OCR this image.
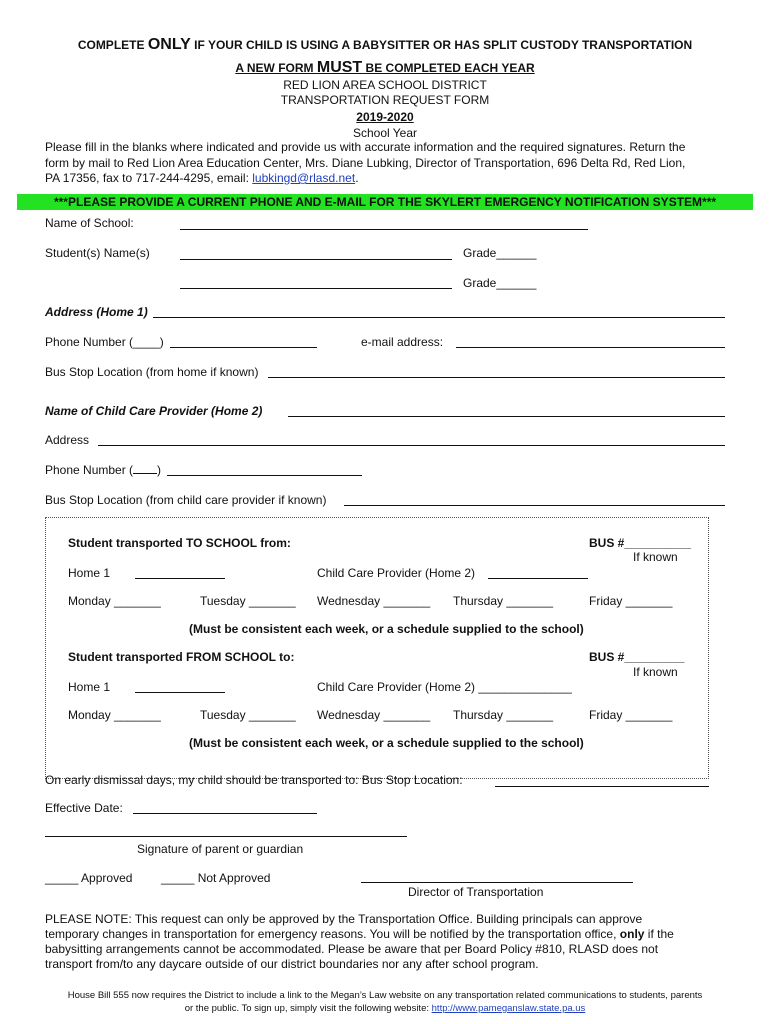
COMPLETE ONLY IF YOUR CHILD IS USING A BABYSITTER OR HAS SPLIT CUSTODY TRANSPORTATION
A NEW FORM MUST BE COMPLETED EACH YEAR
RED LION AREA SCHOOL DISTRICT
TRANSPORTATION REQUEST FORM
2019-2020
School Year
Please fill in the blanks where indicated and provide us with accurate information and the required signatures. Return the
form by mail to Red Lion Area Education Center, Mrs. Diane Lubking, Director of Transportation, 696 Delta Rd, Red Lion,
PA 17356, fax to 717-244-4295, email: lubkingd@rlasd.net.
***PLEASE PROVIDE A CURRENT PHONE AND E-MAIL FOR THE SKYLERT EMERGENCY NOTIFICATION SYSTEM***
Name of School:
Student(s) Name(s)	Grade______
Grade______
Address (Home 1)
Phone Number (____)	e-mail address:
Bus Stop Location (from home if known)
Name of Child Care Provider (Home 2)
Address
Phone Number ( )
Bus Stop Location (from child care provider if known)
Student transported TO SCHOOL from:	BUS #__________
If known
Home 1	Child Care Provider (Home 2)
Monday _______	Tuesday _______ Wednesday _______ Thursday _______	Friday _______
(Must be consistent each week, or a schedule supplied to the school)
Student transported FROM SCHOOL to:	BUS #_________
If known
Home 1	Child Care Provider (Home 2) ______________
Monday _______	Tuesday _______ Wednesday _______ Thursday _______	Friday _______
(Must be consistent each week, or a schedule supplied to the school)
On early dismissal days, my child should be transported to: Bus Stop Location:
Effective Date:
Signature of parent or guardian
_____ Approved _____ Not Approved
Director of Transportation
PLEASE NOTE: This request can only be approved by the Transportation Office. Building principals can approve
temporary changes in transportation for emergency reasons. You will be notified by the transportation office, only if the
babysitting arrangements cannot be accommodated. Please be aware that per Board Policy #810, RLASD does not
transport from/to any daycare outside of our district boundaries nor any after school program.
House Bill 555 now requires the District to include a link to the Megan’s Law website on any transportation related communications to students, parents
or the public. To sign up, simply visit the following website: http://www.pameganslaw.state.pa.us
